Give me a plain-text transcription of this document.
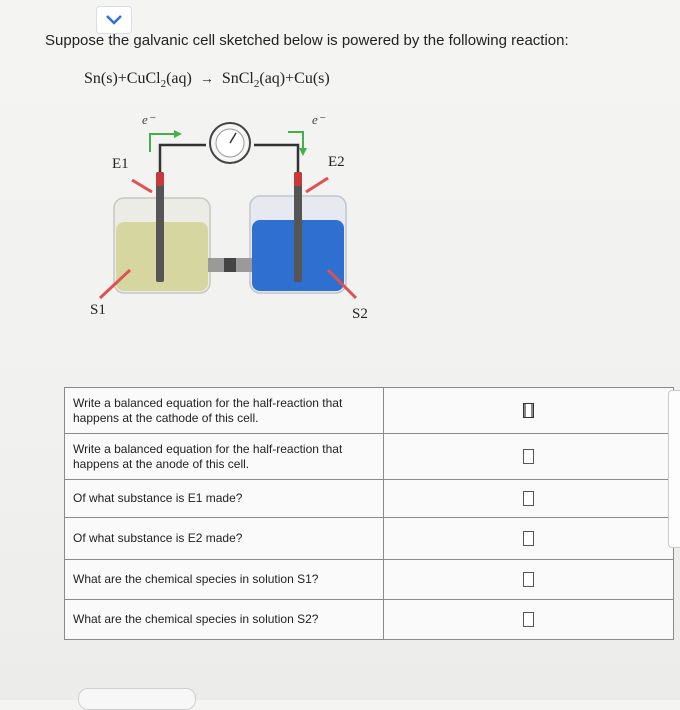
Suppose the galvanic cell sketched below is powered by the following reaction:
Sn(s)+CuCl$_2$(aq) → SnCl$_2$(aq)+Cu(s)
e⁻	e⁻
E1	E2
S1	S2
Write a balanced equation for the half-reaction that happens at the cathode of this cell.	
Write a balanced equation for the half-reaction that happens at the anode of this cell.	
Of what substance is E1 made?	
Of what substance is E2 made?	
What are the chemical species in solution S1?	
What are the chemical species in solution S2?	
